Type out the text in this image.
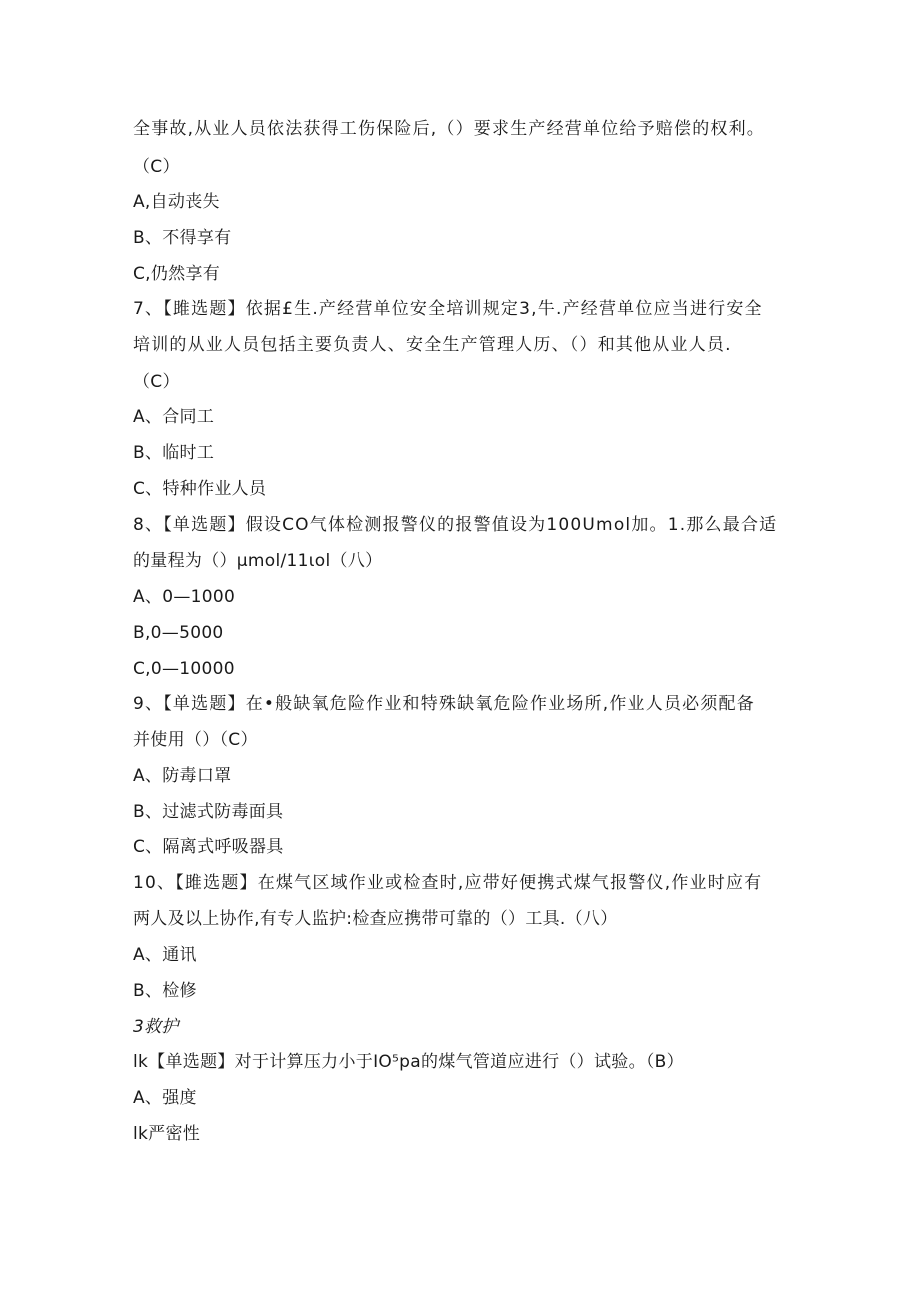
全事故,从业人员依法获得工伤保险后,（）要求生产经营单位给予赔偿的权利。
（C）
A,自动丧失
B、不得享有
C,仍然享有
7、【雎选题】依据£生.产经营单位安全培训规定3,牛.产经营单位应当进行安全
培训的从业人员包括主要负责人、安全生产管理人历、（）和其他从业人员.
（C）
A、合同工
B、临时工
C、特种作业人员
8、【单选题】假设CO气体检测报警仪的报警值设为100Umol加。1.那么最合适
的量程为（）μmol∕11ιol（八）
A、0—1000
B,0—5000
C,0—10000
9、【单选题】在•般缺氧危险作业和特殊缺氧危险作业场所,作业人员必须配备
并使用（）（C）
A、防毒口罩
B、过滤式防毒面具
C、隔离式呼吸器具
10、【雎选题】在煤气区域作业或检查时,应带好便携式煤气报警仪,作业时应有
两人及以上协作,有专人监护:检查应携带可靠的（）工具.（八）
A、通讯
B、检修
3救护
lk【单选题】对于计算压力小于IO⁵pa的煤气管道应进行（）试验。（B）
A、强度
lk严密性
